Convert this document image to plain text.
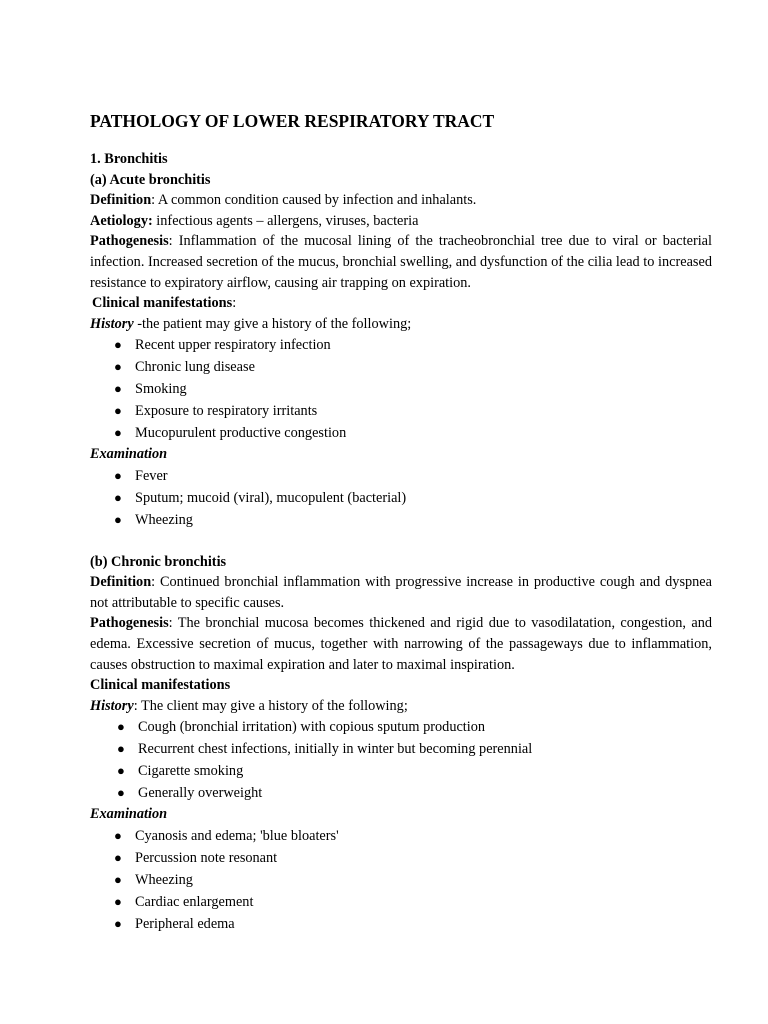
PATHOLOGY OF LOWER RESPIRATORY TRACT

1. Bronchitis

(a) Acute bronchitis

Definition: A common condition caused by infection and inhalants.

Aetiology: infectious agents – allergens, viruses, bacteria

Pathogenesis: Inflammation of the mucosal lining of the tracheobronchial tree due to viral or bacterial infection. Increased secretion of the mucus, bronchial swelling, and dysfunction of the cilia lead to increased resistance to expiratory airflow, causing air trapping on expiration.

Clinical manifestations:

History -the patient may give a history of the following;

● Recent upper respiratory infection
● Chronic lung disease
● Smoking
● Exposure to respiratory irritants
● Mucopurulent productive congestion

Examination

● Fever
● Sputum; mucoid (viral), mucopulent (bacterial)
● Wheezing

(b) Chronic bronchitis

Definition: Continued bronchial inflammation with progressive increase in productive cough and dyspnea not attributable to specific causes.

Pathogenesis: The bronchial mucosa becomes thickened and rigid due to vasodilatation, congestion, and edema. Excessive secretion of mucus, together with narrowing of the passageways due to inflammation, causes obstruction to maximal expiration and later to maximal inspiration.

Clinical manifestations

History: The client may give a history of the following;

● Cough (bronchial irritation) with copious sputum production
● Recurrent chest infections, initially in winter but becoming perennial
● Cigarette smoking
● Generally overweight

Examination

● Cyanosis and edema; 'blue bloaters'
● Percussion note resonant
● Wheezing
● Cardiac enlargement
● Peripheral edema
